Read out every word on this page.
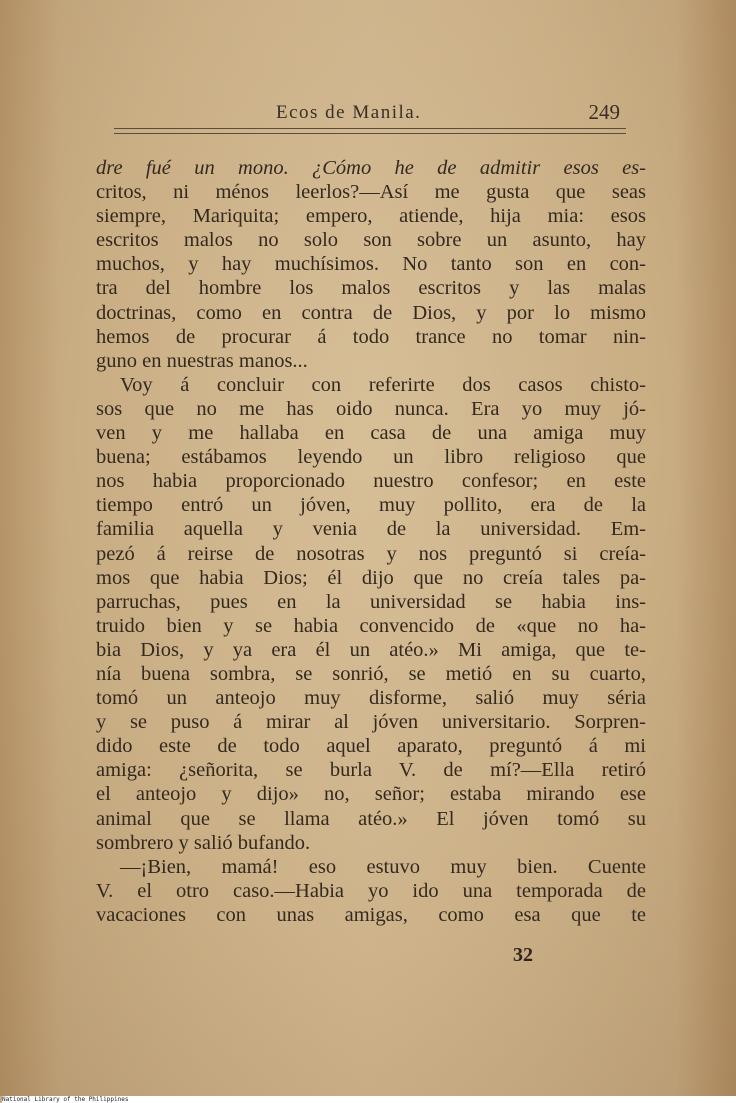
Ecos de Manila.	249
dre fué un mono. ¿Cómo he de admitir esos es-
critos, ni ménos leerlos?—Así me gusta que seas
siempre, Mariquita; empero, atiende, hija mia: esos
escritos malos no solo son sobre un asunto, hay
muchos, y hay muchísimos. No tanto son en con-
tra del hombre los malos escritos y las malas
doctrinas, como en contra de Dios, y por lo mismo
hemos de procurar á todo trance no tomar nin-
guno en nuestras manos...
Voy á concluir con referirte dos casos chisto-
sos que no me has oido nunca. Era yo muy jó-
ven y me hallaba en casa de una amiga muy
buena; estábamos leyendo un libro religioso que
nos habia proporcionado nuestro confesor; en este
tiempo entró un jóven, muy pollito, era de la
familia aquella y venia de la universidad. Em-
pezó á reirse de nosotras y nos preguntó si creía-
mos que habia Dios; él dijo que no creía tales pa-
parruchas, pues en la universidad se habia ins-
truido bien y se habia convencido de «que no ha-
bia Dios, y ya era él un atéo.» Mi amiga, que te-
nía buena sombra, se sonrió, se metió en su cuarto,
tomó un anteojo muy disforme, salió muy séria
y se puso á mirar al jóven universitario. Sorpren-
dido este de todo aquel aparato, preguntó á mi
amiga: ¿señorita, se burla V. de mí?—Ella retiró
el anteojo y dijo» no, señor; estaba mirando ese
animal que se llama atéo.» El jóven tomó su
sombrero y salió bufando.
—¡Bien, mamá! eso estuvo muy bien. Cuente
V. el otro caso.—Habia yo ido una temporada de
vacaciones con unas amigas, como esa que te
32
National Library of the Philippines
